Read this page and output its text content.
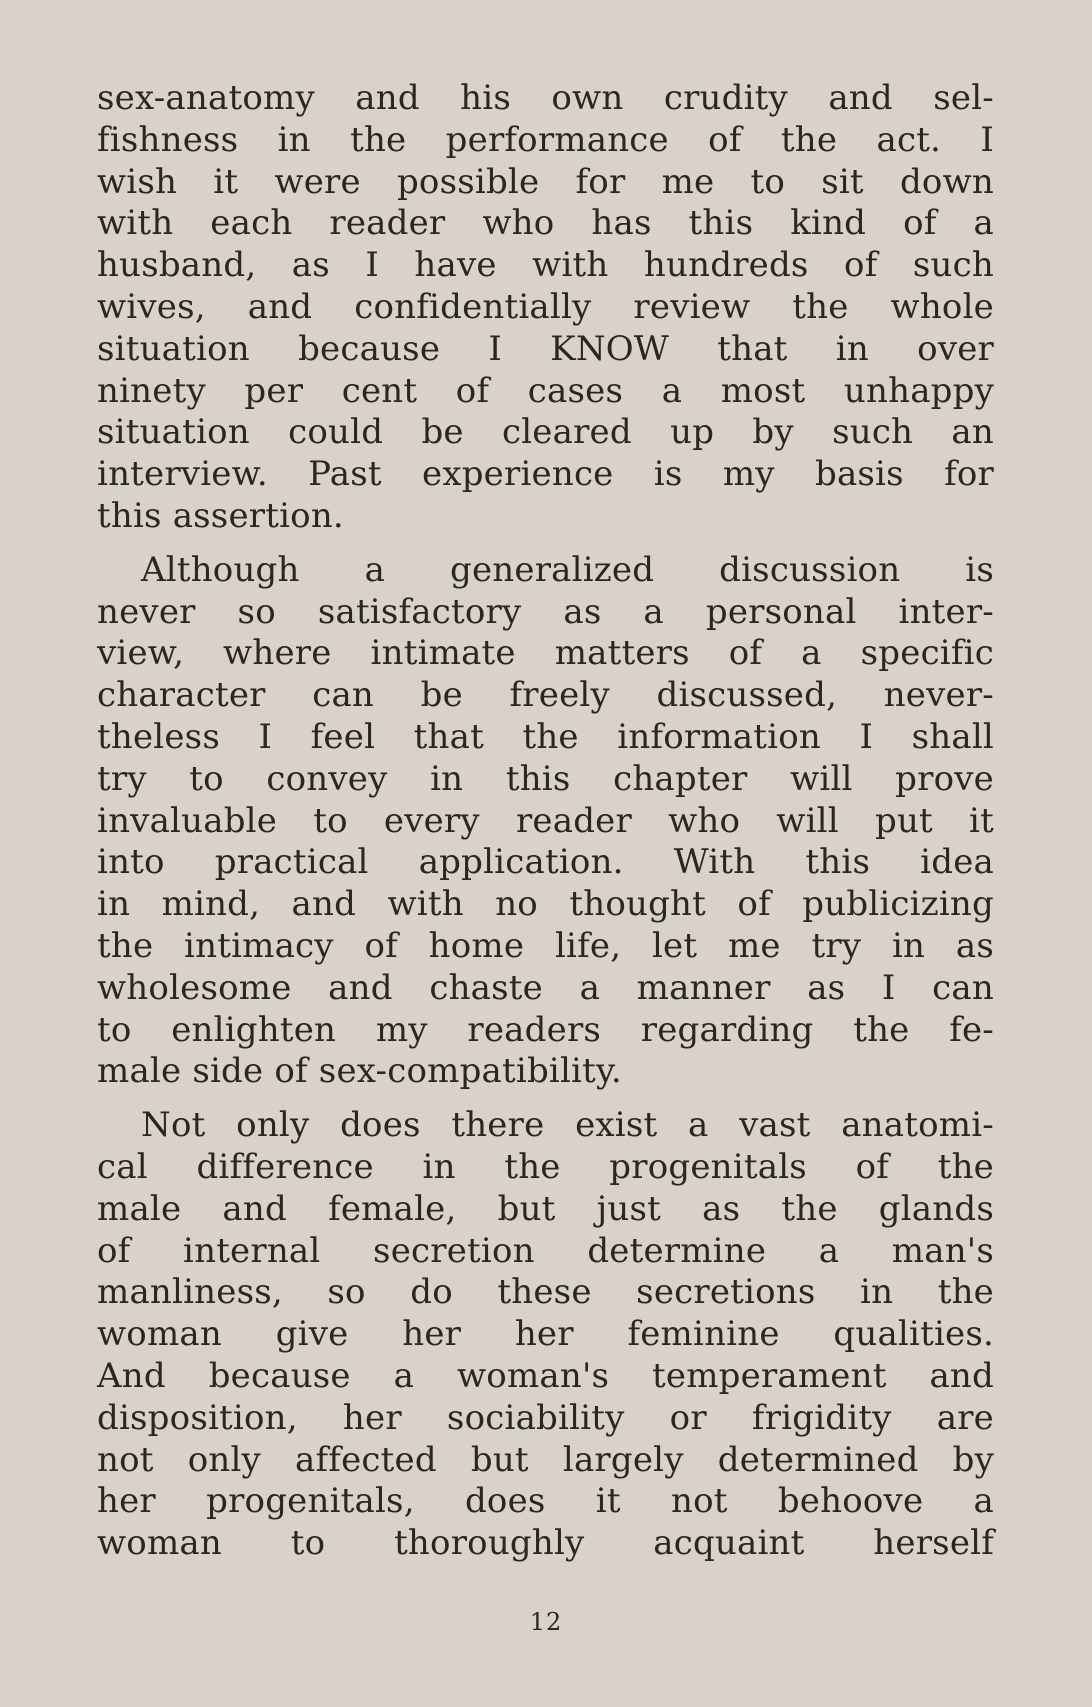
sex-anatomy and his own crudity and sel-
fishness in the performance of the act. I
wish it were possible for me to sit down
with each reader who has this kind of a
husband, as I have with hundreds of such
wives, and confidentially review the whole
situation because I KNOW that in over
ninety per cent of cases a most unhappy
situation could be cleared up by such an
interview. Past experience is my basis for
this assertion.
Although a generalized discussion is
never so satisfactory as a personal inter-
view, where intimate matters of a specific
character can be freely discussed, never-
theless I feel that the information I shall
try to convey in this chapter will prove
invaluable to every reader who will put it
into practical application. With this idea
in mind, and with no thought of publicizing
the intimacy of home life, let me try in as
wholesome and chaste a manner as I can
to enlighten my readers regarding the fe-
male side of sex-compatibility.
Not only does there exist a vast anatomi-
cal difference in the progenitals of the
male and female, but just as the glands
of internal secretion determine a man's
manliness, so do these secretions in the
woman give her her feminine qualities.
And because a woman's temperament and
disposition, her sociability or frigidity are
not only affected but largely determined by
her progenitals, does it not behoove a
woman to thoroughly acquaint herself
12
